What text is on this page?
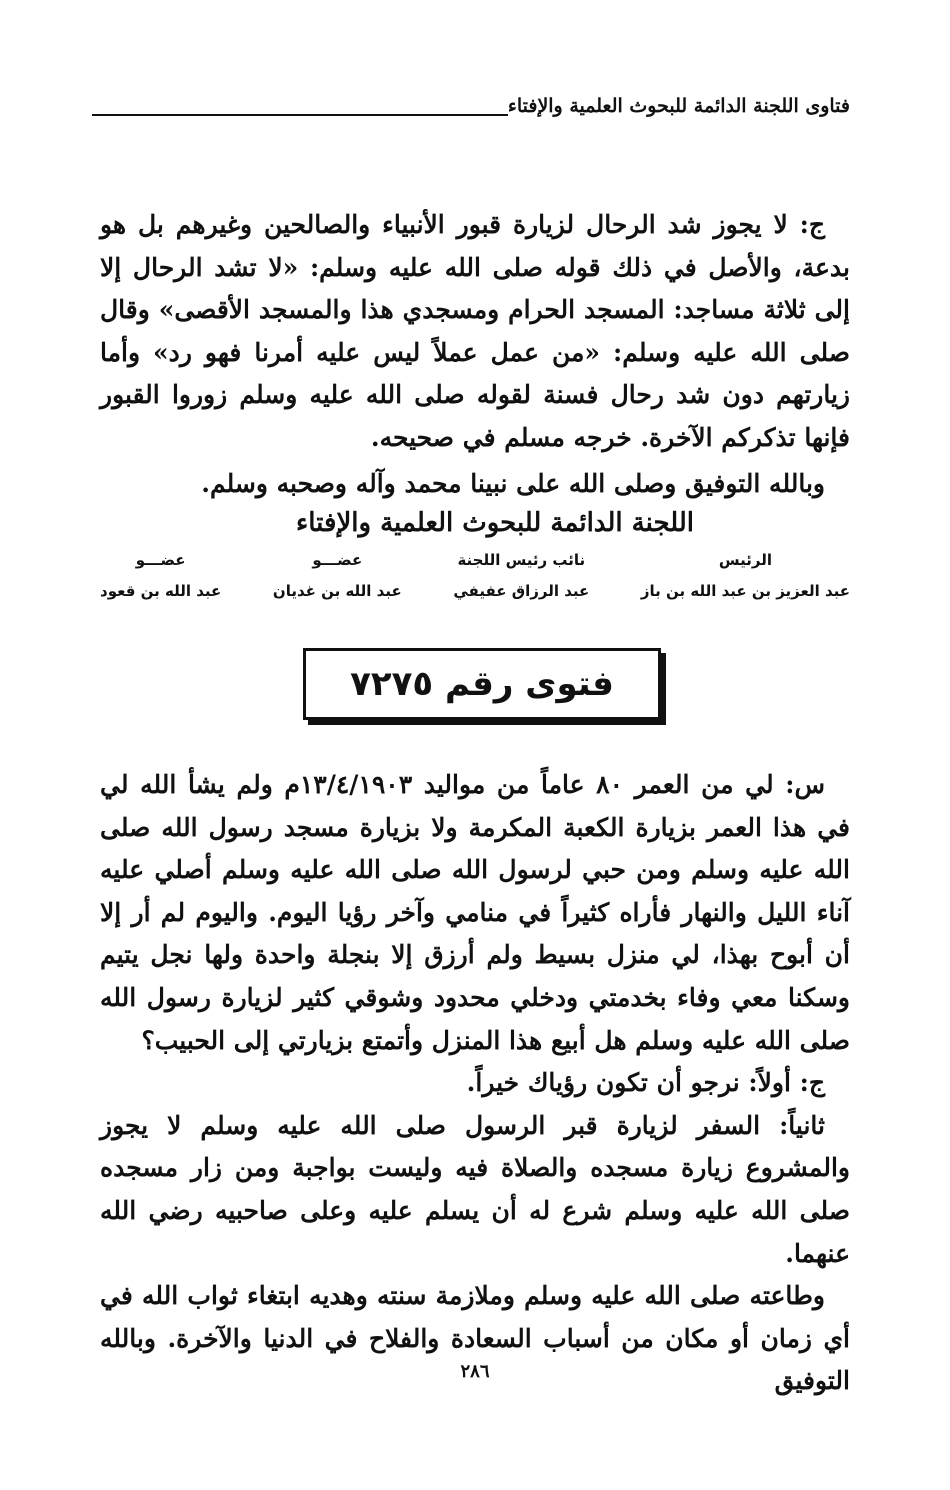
فتاوى اللجنة الدائمة للبحوث العلمية والإفتاء

ج: لا يجوز شد الرحال لزيارة قبور الأنبياء والصالحين وغيرهم بل هو بدعة، والأصل في ذلك قوله صلى الله عليه وسلم: «لا تشد الرحال إلا إلى ثلاثة مساجد: المسجد الحرام ومسجدي هذا والمسجد الأقصى» وقال صلى الله عليه وسلم: «من عمل عملاً ليس عليه أمرنا فهو رد» وأما زيارتهم دون شد رحال فسنة لقوله صلى الله عليه وسلم زوروا القبور فإنها تذكركم الآخرة. خرجه مسلم في صحيحه.

وبالله التوفيق وصلى الله على نبينا محمد وآله وصحبه وسلم.
اللجنة الدائمة للبحوث العلمية والإفتاء
الرئيس
عبد العزيز بن عبد الله بن باز
نائب رئيس اللجنة
عبد الرزاق عفيفي
عضـــو
عبد الله بن غديان
عضـــو
عبد الله بن قعود
فتوى رقم ٧٢٧٥

س: لي من العمر ٨٠ عاماً من مواليد ١٣/٤/١٩٠٣م ولم يشأ الله لي في هذا العمر بزيارة الكعبة المكرمة ولا بزيارة مسجد رسول الله صلى الله عليه وسلم ومن حبي لرسول الله صلى الله عليه وسلم أصلي عليه آناء الليل والنهار فأراه كثيراً في منامي وآخر رؤيا اليوم. واليوم لم أر إلا أن أبوح بهذا، لي منزل بسيط ولم أرزق إلا بنجلة واحدة ولها نجل يتيم وسكنا معي وفاء بخدمتي ودخلي محدود وشوقي كثير لزيارة رسول الله صلى الله عليه وسلم هل أبيع هذا المنزل وأتمتع بزيارتي إلى الحبيب؟

ج: أولاً: نرجو أن تكون رؤياك خيراً.

ثانياً: السفر لزيارة قبر الرسول صلى الله عليه وسلم لا يجوز والمشروع زيارة مسجده والصلاة فيه وليست بواجبة ومن زار مسجده صلى الله عليه وسلم شرع له أن يسلم عليه وعلى صاحبيه رضي الله عنهما.

وطاعته صلى الله عليه وسلم وملازمة سنته وهديه ابتغاء ثواب الله في أي زمان أو مكان من أسباب السعادة والفلاح في الدنيا والآخرة. وبالله التوفيق

٢٨٦
